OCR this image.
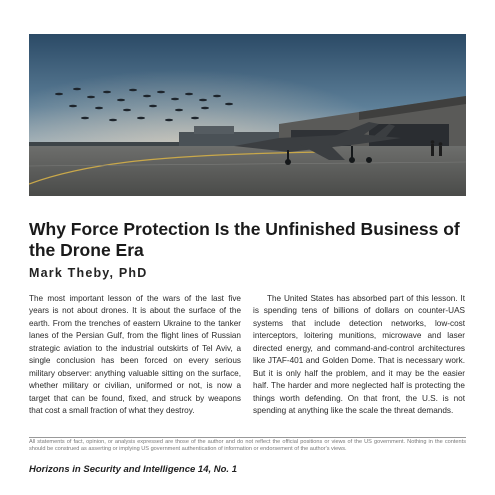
Why Force Protection Is the Unfinished Business of the Drone Era

Mark Theby, PhD

The most important lesson of the wars of the last five years is not about drones. It is about the surface of the earth. From the trenches of eastern Ukraine to the tanker lanes of the Persian Gulf, from the flight lines of Russian strategic aviation to the industrial outskirts of Tel Aviv, a single conclusion has been forced on every serious military observer: anything valuable sitting on the surface, whether military or civilian, uniformed or not, is now a target that can be found, fixed, and struck by weapons that cost a small fraction of what they destroy.

The United States has absorbed part of this lesson. It is spending tens of billions of dollars on counter-UAS systems that include detection networks, low-cost interceptors, loitering munitions, microwave and laser directed energy, and command-and-control architectures like JTAF-401 and Golden Dome. That is necessary work. But it is only half the problem, and it may be the easier half. The harder and more neglected half is protecting the things worth defending. On that front, the U.S. is not spending at anything like the scale the threat demands.

All statements of fact, opinion, or analysis expressed are those of the author and do not reflect the official positions or views of the US government. Nothing in the contents should be construed as asserting or implying US government authentication of information or endorsement of the author's views.

Horizons in Security and Intelligence 14, No. 1
